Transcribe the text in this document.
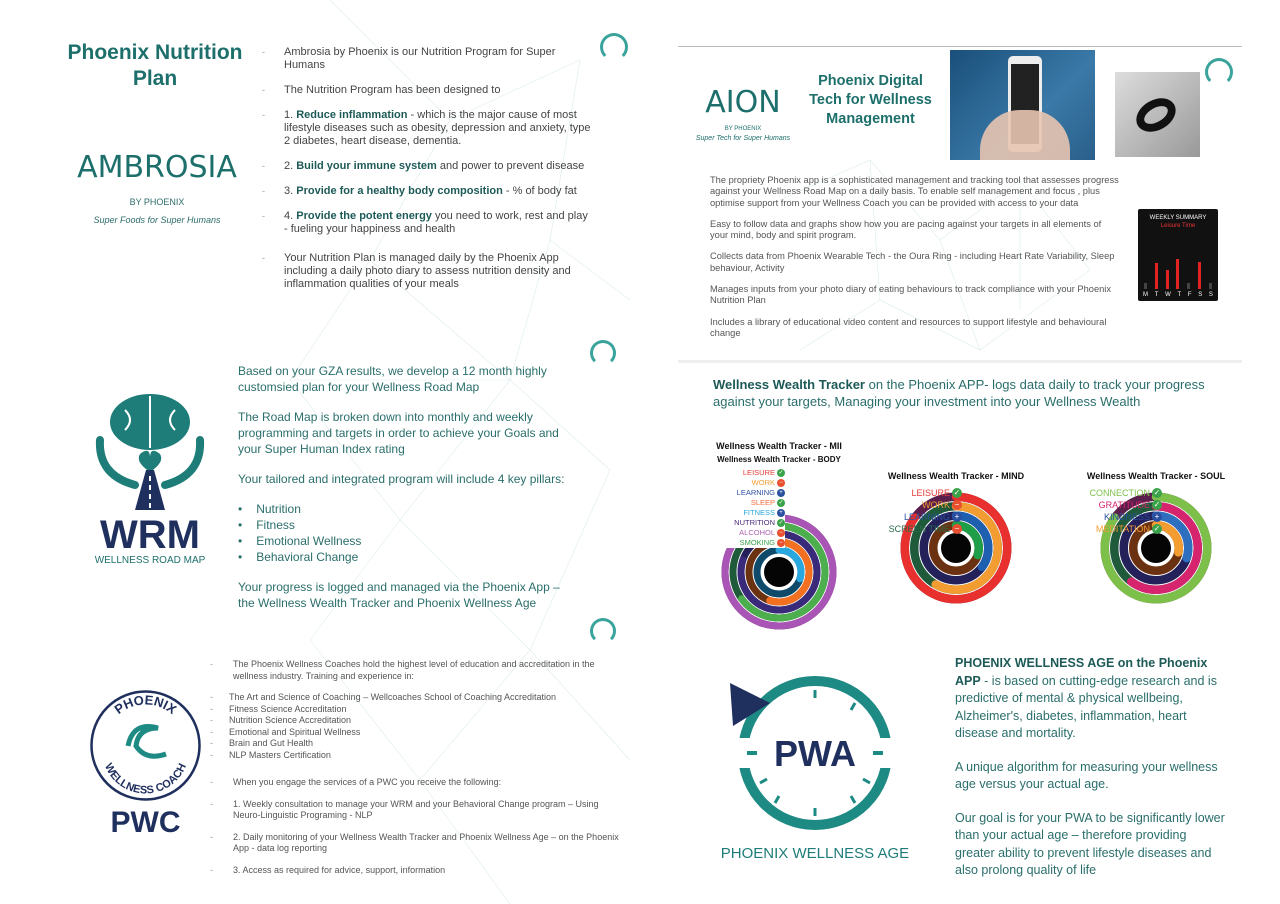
Phoenix Nutrition
Plan
AMBROSIA
BY PHOENIX
Super Foods for Super Humans
- Ambrosia by Phoenix is our Nutrition Program for Super Humans
- The Nutrition Program has been designed to
- 1. Reduce inflammation - which is the major cause of most lifestyle diseases such as obesity, depression and anxiety, type 2 diabetes, heart disease, dementia.
- 2. Build your immune system and power to prevent disease
- 3. Provide for a healthy body composition - % of body fat
- 4. Provide the potent energy you need to work, rest and play - fueling your happiness and health
- Your Nutrition Plan is managed daily by the Phoenix App including a daily photo diary to assess nutrition density and inflammation qualities of your meals
WRM
WELLNESS ROAD MAP

Based on your GZA results, we develop a 12 month highly customsied plan for your Wellness Road Map

The Road Map is broken down into monthly and weekly programming and targets in order to achieve your Goals and your Super Human Index rating

Your tailored and integrated program will include 4 key pillars:

• Nutrition
• Fitness
• Emotional Wellness
• Behavioral Change

Your progress is logged and managed via the Phoenix App – the Wellness Wealth Tracker and Phoenix Wellness Age

PHOENIX
WELLNESS COACH
PWC
- The Phoenix Wellness Coaches hold the highest level of education and accreditation in the wellness industry. Training and experience in:
- The Art and Science of Coaching – Wellcoaches School of Coaching Accreditation
- Fitness Science Accreditation
- Nutrition Science Accreditation
- Emotional and Spiritual Wellness
- Brain and Gut Health
- NLP Masters Certification
- When you engage the services of a PWC you receive the following:
- 1. Weekly consultation to manage your WRM and your Behavioral Change program – Using Neuro-Linguistic Programing - NLP
- 2. Daily monitoring of your Wellness Wealth Tracker and Phoenix Wellness Age – on the Phoenix App - data log reporting
- 3. Access as required for advice, support, information
AION
BY PHOENIX
Super Tech for Super Humans
Phoenix Digital Tech for Wellness Management

The propriety Phoenix app is a sophisticated management and tracking tool that assesses progress against your Wellness Road Map on a daily basis. To enable self management and focus , plus optimise support from your Wellness Coach you can be provided with access to your data

Easy to follow data and graphs show how you are pacing against your targets in all elements of your mind, body and spirit program.

Collects data from Phoenix Wearable Tech - the Oura Ring - including Heart Rate Variability, Sleep behaviour, Activity

Manages inputs from your photo diary of eating behaviours to track compliance with your Phoenix Nutrition Plan

Includes a library of educational video content and resources to support lifestyle and behavioural change

WEEKLY SUMMARY
Leisure Time
M T W T F S S
Wellness Wealth Tracker on the Phoenix APP- logs data daily to track your progress against your targets, Managing your investment into your Wellness Wealth
Wellness Wealth Tracker - MII
Wellness Wealth Tracker - BODY
LEISURE ✓
WORK −
LEARNING +
SLEEP ✓
FITNESS +
NUTRITION ✓
ALCOHOL −
SMOKING −
Wellness Wealth Tracker - MIND
LEISURE ✓
WORK −
LEARNING +
SCREEN TIME −
Wellness Wealth Tracker - SOUL
CONNECTION ✓
GRATITUDE ✓
KINDNESS +
MEDITATION ✓
PWA
PHOENIX WELLNESS AGE

PHOENIX WELLNESS AGE on the Phoenix APP - is based on cutting-edge research and is predictive of mental & physical wellbeing, Alzheimer's, diabetes, inflammation, heart disease and mortality.

A unique algorithm for measuring your wellness age versus your actual age.

Our goal is for your PWA to be significantly lower than your actual age – therefore providing greater ability to prevent lifestyle diseases and also prolong quality of life
